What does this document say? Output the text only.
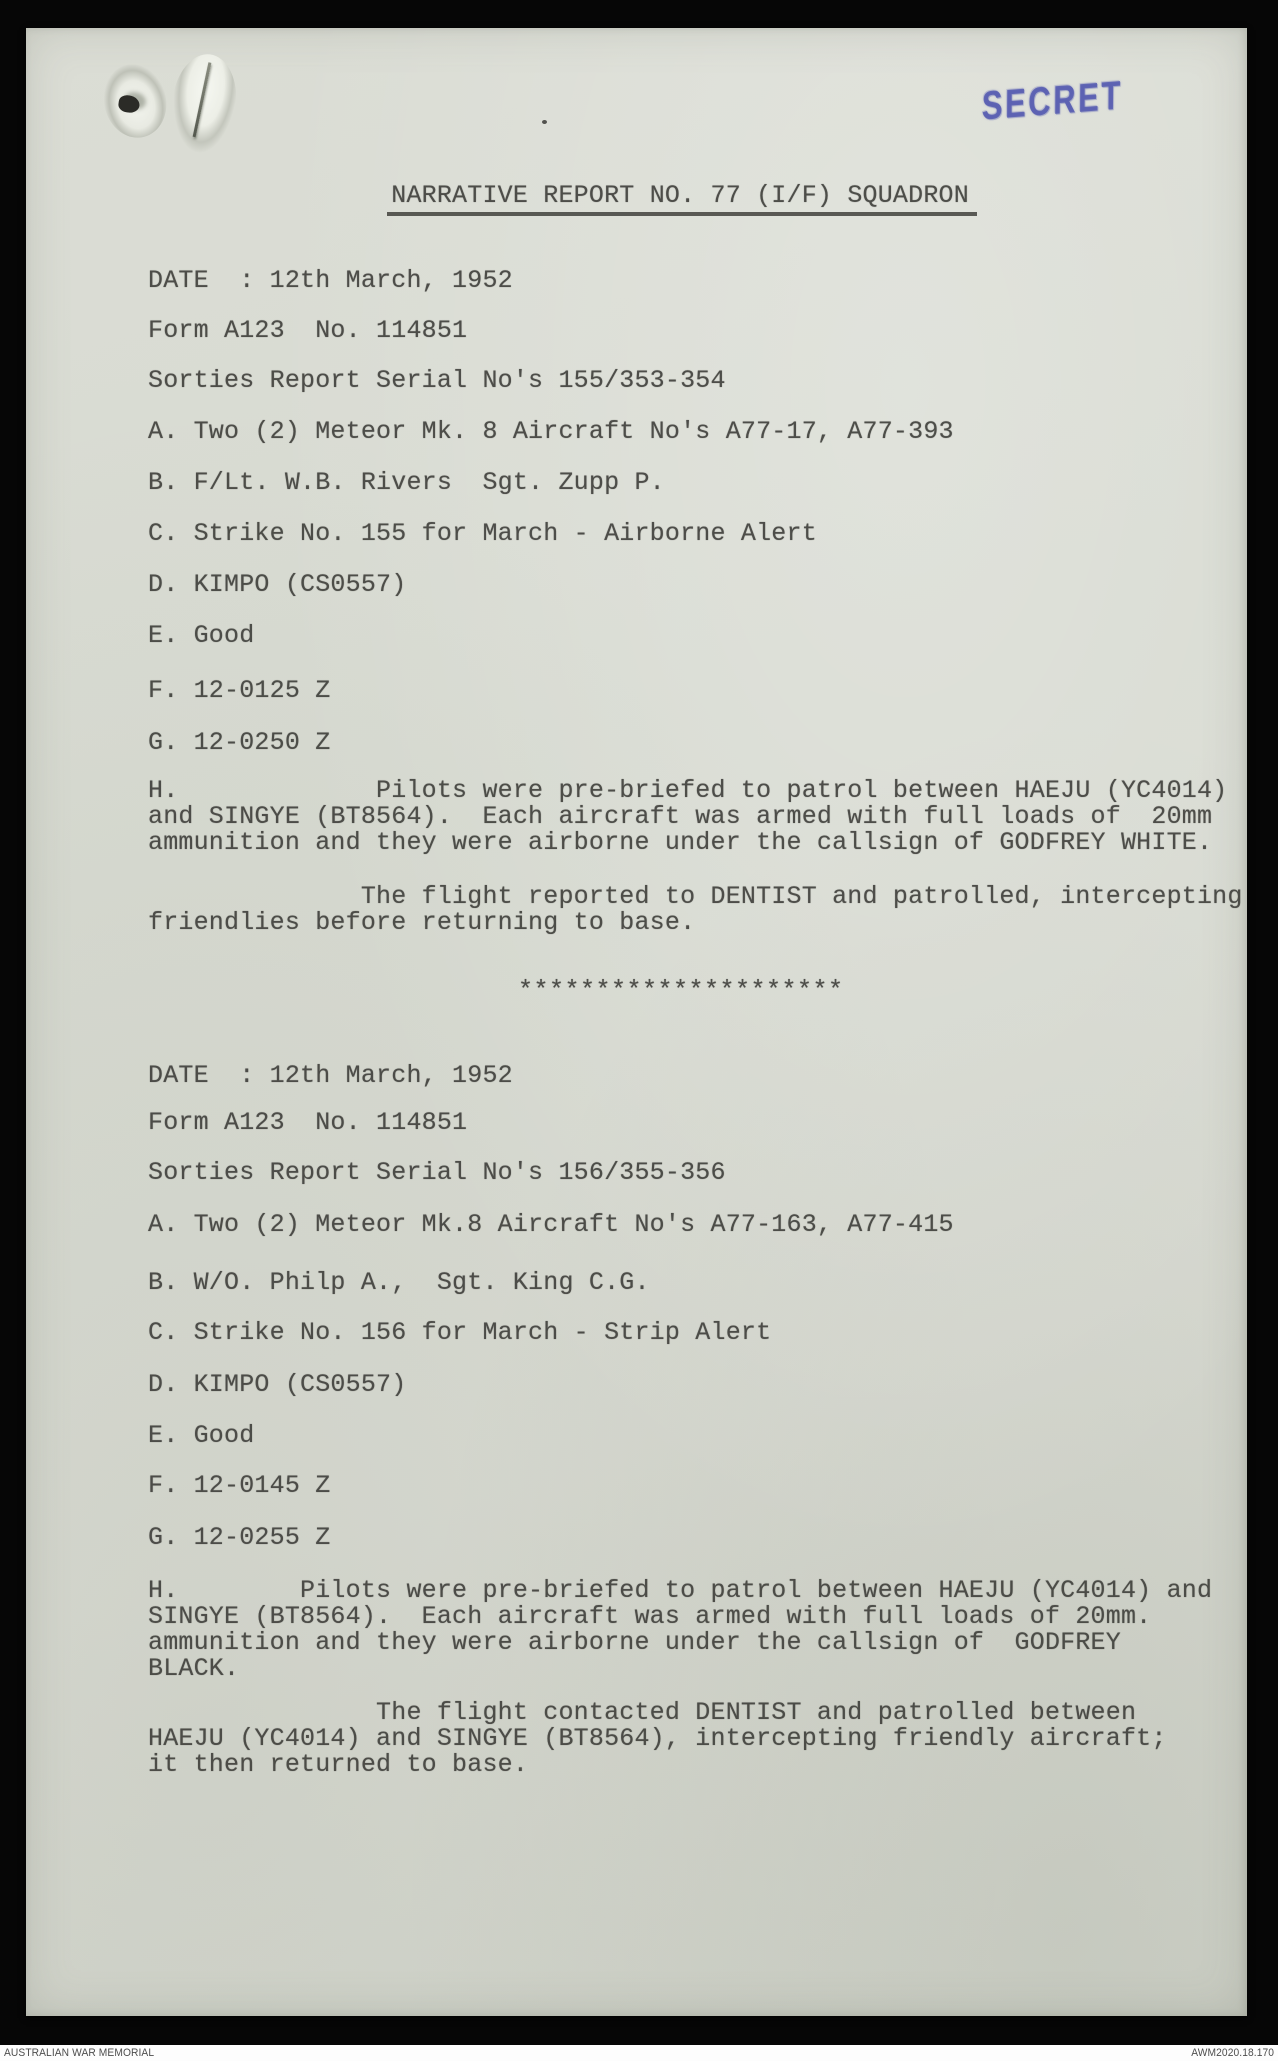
SECRET

NARRATIVE REPORT NO. 77 (I/F) SQUADRON

DATE  : 12th March, 1952
Form A123  No. 114851
Sorties Report Serial No's 155/353-354
A. Two (2) Meteor Mk. 8 Aircraft No's A77-17, A77-393
B. F/Lt. W.B. Rivers  Sgt. Zupp P.
C. Strike No. 155 for March - Airborne Alert
D. KIMPO (CS0557)
E. Good
F. 12-0125 Z
G. 12-0250 Z
H.             Pilots were pre-briefed to patrol between HAEJU (YC4014)
and SINGYE (BT8564).  Each aircraft was armed with full loads of  20mm
ammunition and they were airborne under the callsign of GODFREY WHITE.
The flight reported to DENTIST and patrolled, intercepting
friendlies before returning to base.
*********************
DATE  : 12th March, 1952
Form A123  No. 114851
Sorties Report Serial No's 156/355-356
A. Two (2) Meteor Mk.8 Aircraft No's A77-163, A77-415
B. W/O. Philp A.,  Sgt. King C.G.
C. Strike No. 156 for March - Strip Alert
D. KIMPO (CS0557)
E. Good
F. 12-0145 Z
G. 12-0255 Z
H.        Pilots were pre-briefed to patrol between HAEJU (YC4014) and
SINGYE (BT8564).  Each aircraft was armed with full loads of 20mm.
ammunition and they were airborne under the callsign of  GODFREY
BLACK.
The flight contacted DENTIST and patrolled between
HAEJU (YC4014) and SINGYE (BT8564), intercepting friendly aircraft;
it then returned to base.
AUSTRALIAN WAR MEMORIAL	AWM2020.18.170
